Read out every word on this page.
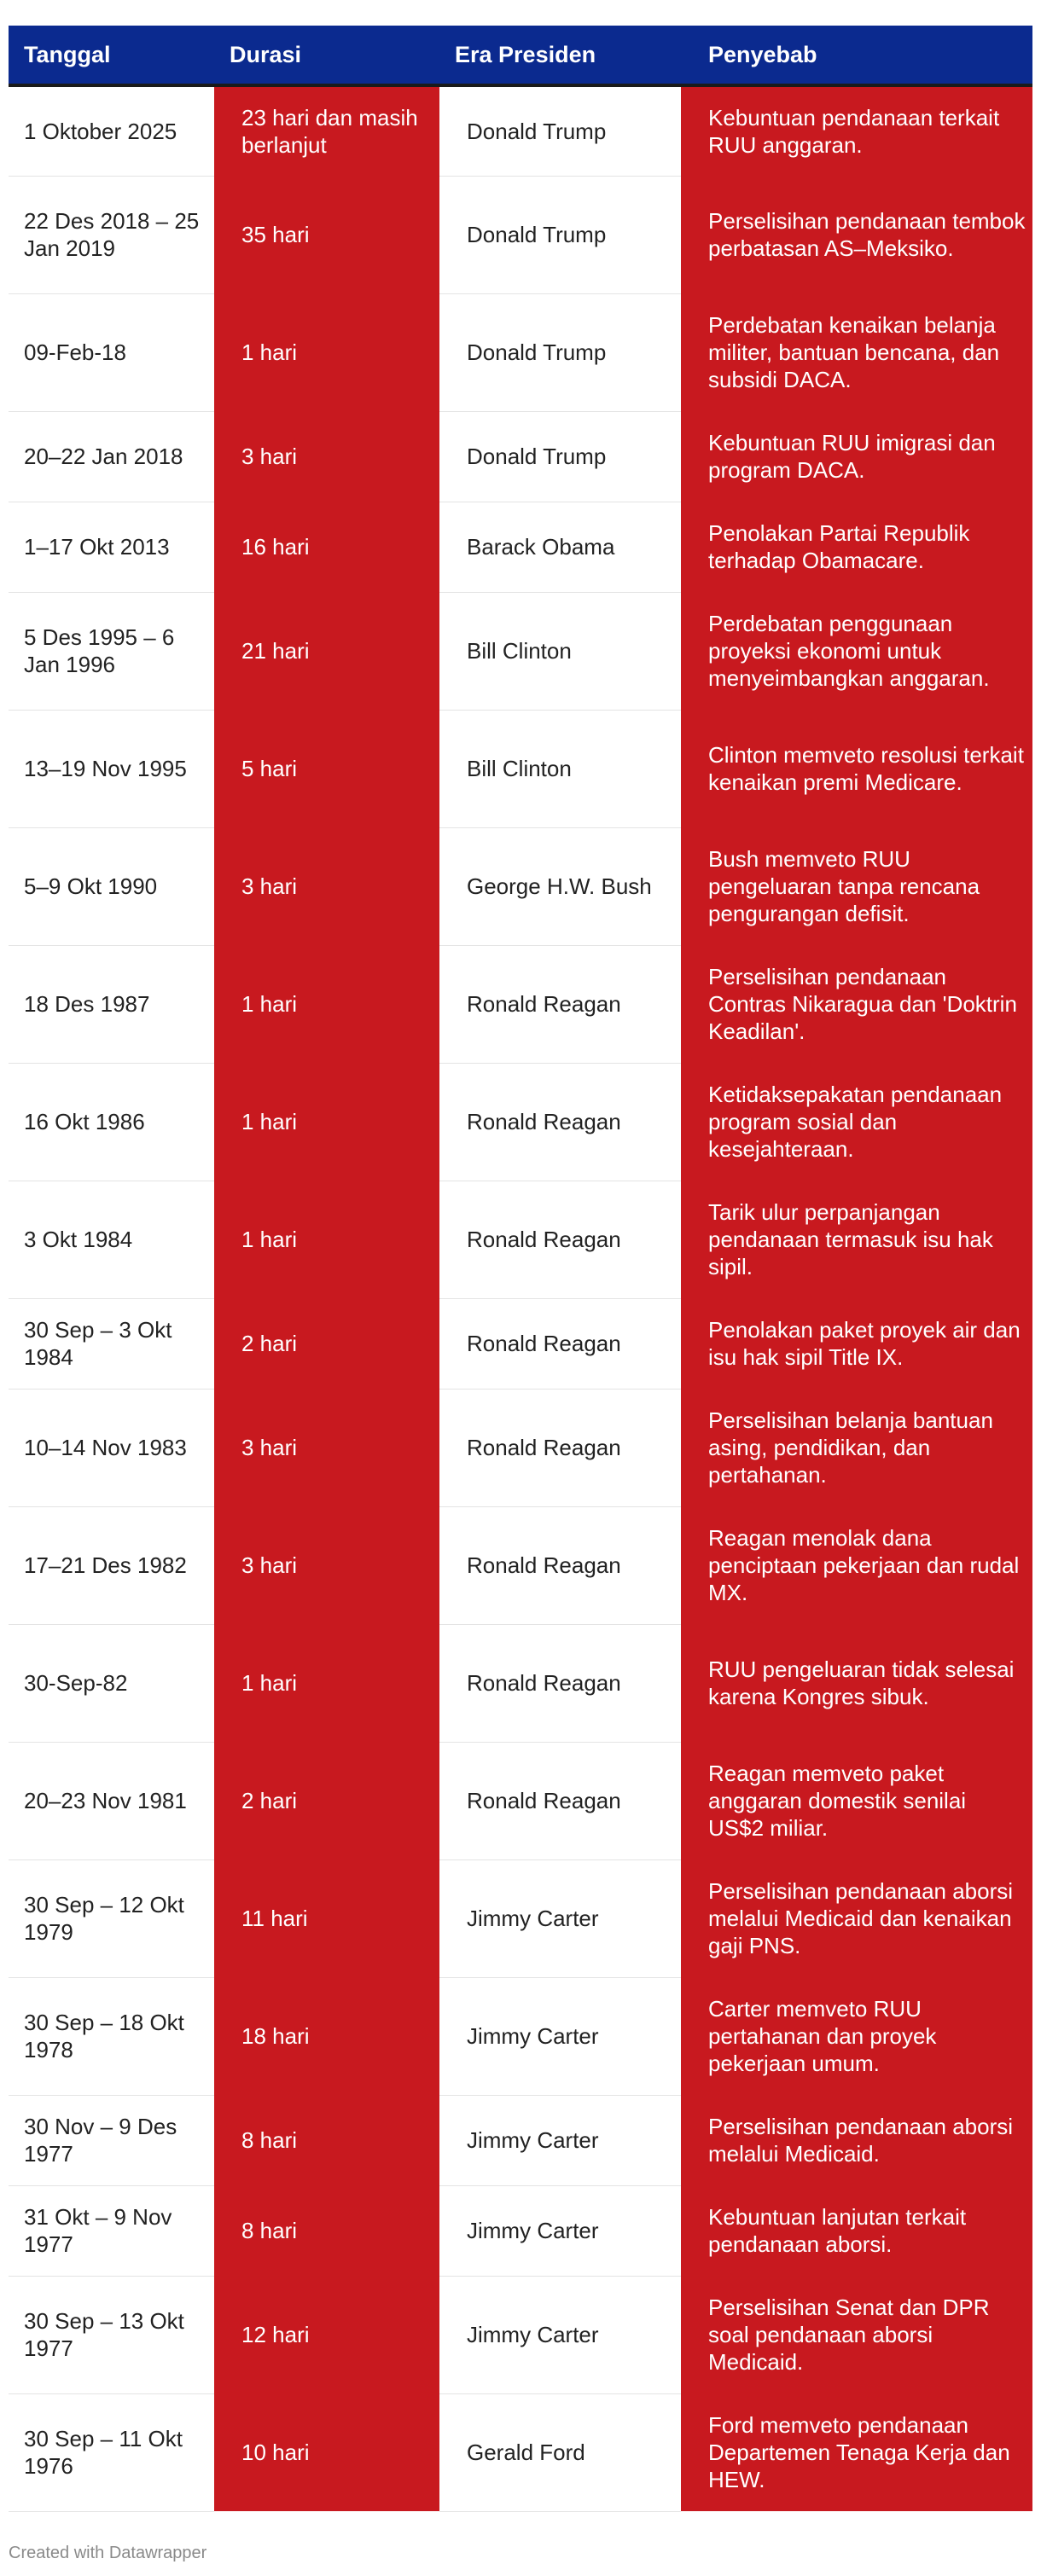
Tanggal	Durasi	Era Presiden	Penyebab
1 Oktober 2025	23 hari dan masih berlanjut	Donald Trump	Kebuntuan pendanaan terkait RUU anggaran.
22 Des 2018 – 25 Jan 2019	35 hari	Donald Trump	Perselisihan pendanaan tembok perbatasan AS–Meksiko.
09-Feb-18	1 hari	Donald Trump	Perdebatan kenaikan belanja militer, bantuan bencana, dan subsidi DACA.
20–22 Jan 2018	3 hari	Donald Trump	Kebuntuan RUU imigrasi dan program DACA.
1–17 Okt 2013	16 hari	Barack Obama	Penolakan Partai Republik terhadap Obamacare.
5 Des 1995 – 6 Jan 1996	21 hari	Bill Clinton	Perdebatan penggunaan proyeksi ekonomi untuk menyeimbangkan anggaran.
13–19 Nov 1995	5 hari	Bill Clinton	Clinton memveto resolusi terkait kenaikan premi Medicare.
5–9 Okt 1990	3 hari	George H.W. Bush	Bush memveto RUU pengeluaran tanpa rencana pengurangan defisit.
18 Des 1987	1 hari	Ronald Reagan	Perselisihan pendanaan Contras Nikaragua dan 'Doktrin Keadilan'.
16 Okt 1986	1 hari	Ronald Reagan	Ketidaksepakatan pendanaan program sosial dan kesejahteraan.
3 Okt 1984	1 hari	Ronald Reagan	Tarik ulur perpanjangan pendanaan termasuk isu hak sipil.
30 Sep – 3 Okt 1984	2 hari	Ronald Reagan	Penolakan paket proyek air dan isu hak sipil Title IX.
10–14 Nov 1983	3 hari	Ronald Reagan	Perselisihan belanja bantuan asing, pendidikan, dan pertahanan.
17–21 Des 1982	3 hari	Ronald Reagan	Reagan menolak dana penciptaan pekerjaan dan rudal MX.
30-Sep-82	1 hari	Ronald Reagan	RUU pengeluaran tidak selesai karena Kongres sibuk.
20–23 Nov 1981	2 hari	Ronald Reagan	Reagan memveto paket anggaran domestik senilai US$2 miliar.
30 Sep – 12 Okt 1979	11 hari	Jimmy Carter	Perselisihan pendanaan aborsi melalui Medicaid dan kenaikan gaji PNS.
30 Sep – 18 Okt 1978	18 hari	Jimmy Carter	Carter memveto RUU pertahanan dan proyek pekerjaan umum.
30 Nov – 9 Des 1977	8 hari	Jimmy Carter	Perselisihan pendanaan aborsi melalui Medicaid.
31 Okt – 9 Nov 1977	8 hari	Jimmy Carter	Kebuntuan lanjutan terkait pendanaan aborsi.
30 Sep – 13 Okt 1977	12 hari	Jimmy Carter	Perselisihan Senat dan DPR soal pendanaan aborsi Medicaid.
30 Sep – 11 Okt 1976	10 hari	Gerald Ford	Ford memveto pendanaan Departemen Tenaga Kerja dan HEW.
Created with Datawrapper
